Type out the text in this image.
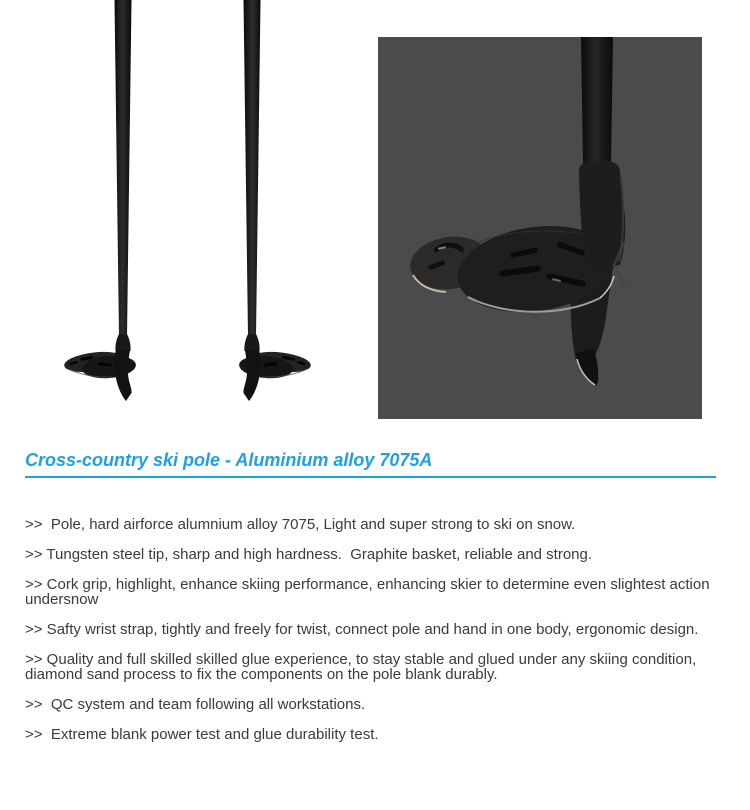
Cross-country ski pole - Aluminium alloy 7075A

>>  Pole, hard airforce alumnium alloy 7075, Light and super strong to ski on snow.

>> Tungsten steel tip, sharp and high hardness.  Graphite basket, reliable and strong.

>> Cork grip, highlight, enhance skiing performance, enhancing skier to determine even slightest action
undersnow

>> Safty wrist strap, tightly and freely for twist, connect pole and hand in one body, ergonomic design.

>> Quality and full skilled skilled glue experience, to stay stable and glued under any skiing condition,
diamond sand process to fix the components on the pole blank durably.

>>  QC system and team following all workstations.

>>  Extreme blank power test and glue durability test.
